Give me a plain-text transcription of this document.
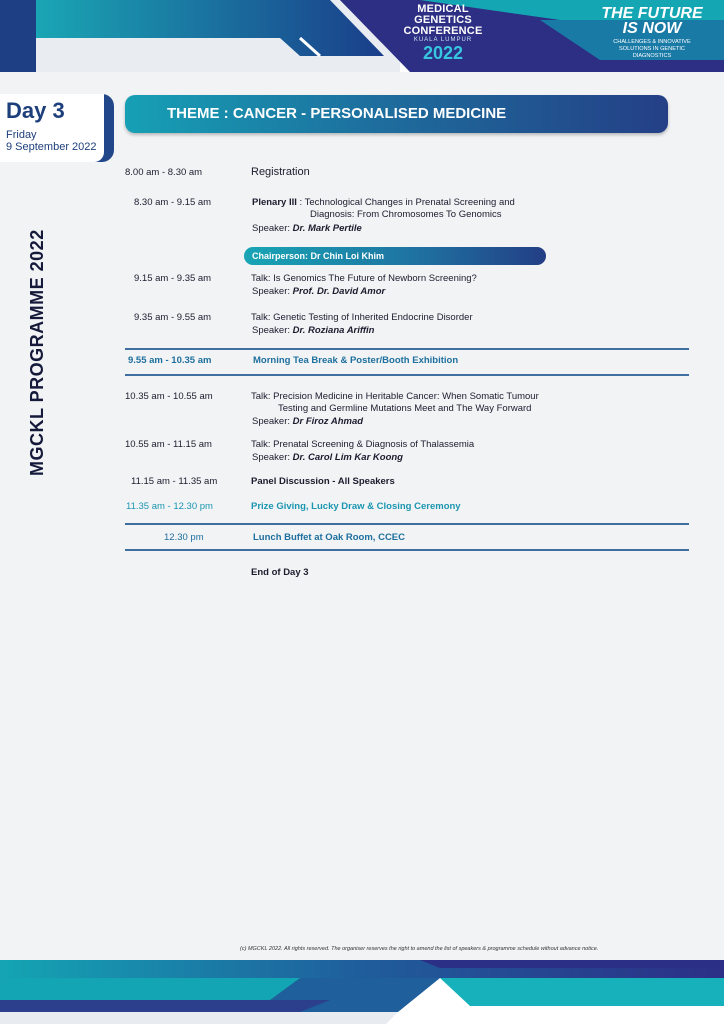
MEDICAL
GENETICS
CONFERENCE
KUALA LUMPUR
2022
THE FUTURE
IS NOW
CHALLENGES & INNOVATIVE
SOLUTIONS IN GENETIC
DIAGNOSTICS
Day 3
Friday
9 September 2022
THEME : CANCER - PERSONALISED MEDICINE
MGCKL PROGRAMME 2022
8.00 am - 8.30 am	Registration
8.30 am - 9.15 am	Plenary III : Technological Changes in Prenatal Screening and
Diagnosis: From Chromosomes To Genomics
Speaker: Dr. Mark Pertile
Chairperson: Dr Chin Loi Khim
9.15 am - 9.35 am	Talk: Is Genomics The Future of Newborn Screening?
Speaker: Prof. Dr. David Amor
9.35 am - 9.55 am	Talk: Genetic Testing of Inherited Endocrine Disorder
Speaker: Dr. Roziana Ariffin
9.55 am - 10.35 am	Morning Tea Break & Poster/Booth Exhibition
10.35 am - 10.55 am	Talk: Precision Medicine in Heritable Cancer: When Somatic Tumour
Testing and Germline Mutations Meet and The Way Forward
Speaker: Dr Firoz Ahmad
10.55 am - 11.15 am	Talk: Prenatal Screening & Diagnosis of Thalassemia
Speaker: Dr. Carol Lim Kar Koong
11.15 am - 11.35 am	Panel Discussion - All Speakers
11.35 am - 12.30 pm	Prize Giving, Lucky Draw & Closing Ceremony
12.30 pm	Lunch Buffet at Oak Room, CCEC
End of Day 3
(c) MGCKL 2022. All rights reserved. The organiser reserves the right to amend the list of speakers & programme schedule without advance notice.
